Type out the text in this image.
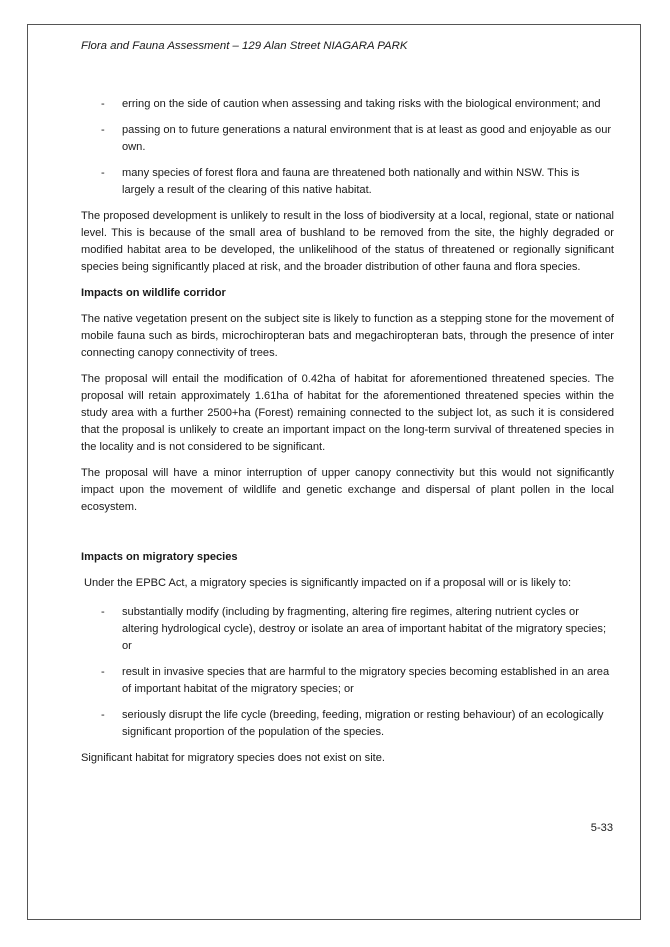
Flora and Fauna Assessment – 129 Alan Street NIAGARA PARK
- erring on the side of caution when assessing and taking risks with the biological environment; and
- passing on to future generations a natural environment that is at least as good and enjoyable as our own.
- many species of forest flora and fauna are threatened both nationally and within NSW. This is largely a result of the clearing of this native habitat.

The proposed development is unlikely to result in the loss of biodiversity at a local, regional, state or national level. This is because of the small area of bushland to be removed from the site, the highly degraded or modified habitat area to be developed, the unlikelihood of the status of threatened or regionally significant species being significantly placed at risk, and the broader distribution of other fauna and flora species.

Impacts on wildlife corridor

The native vegetation present on the subject site is likely to function as a stepping stone for the movement of mobile fauna such as birds, microchiropteran bats and megachiropteran bats, through the presence of inter connecting canopy connectivity of trees.

The proposal will entail the modification of 0.42ha of habitat for aforementioned threatened species. The proposal will retain approximately 1.61ha of habitat for the aforementioned threatened species within the study area with a further 2500+ha (Forest) remaining connected to the subject lot, as such it is considered that the proposal is unlikely to create an important impact on the long-term survival of threatened species in the locality and is not considered to be significant.

The proposal will have a minor interruption of upper canopy connectivity but this would not significantly impact upon the movement of wildlife and genetic exchange and dispersal of plant pollen in the local ecosystem.

Impacts on migratory species

Under the EPBC Act, a migratory species is significantly impacted on if a proposal will or is likely to:

- substantially modify (including by fragmenting, altering fire regimes, altering nutrient cycles or altering hydrological cycle), destroy or isolate an area of important habitat of the migratory species; or
- result in invasive species that are harmful to the migratory species becoming established in an area of important habitat of the migratory species; or
- seriously disrupt the life cycle (breeding, feeding, migration or resting behaviour) of an ecologically significant proportion of the population of the species.

Significant habitat for migratory species does not exist on site.

5-33
